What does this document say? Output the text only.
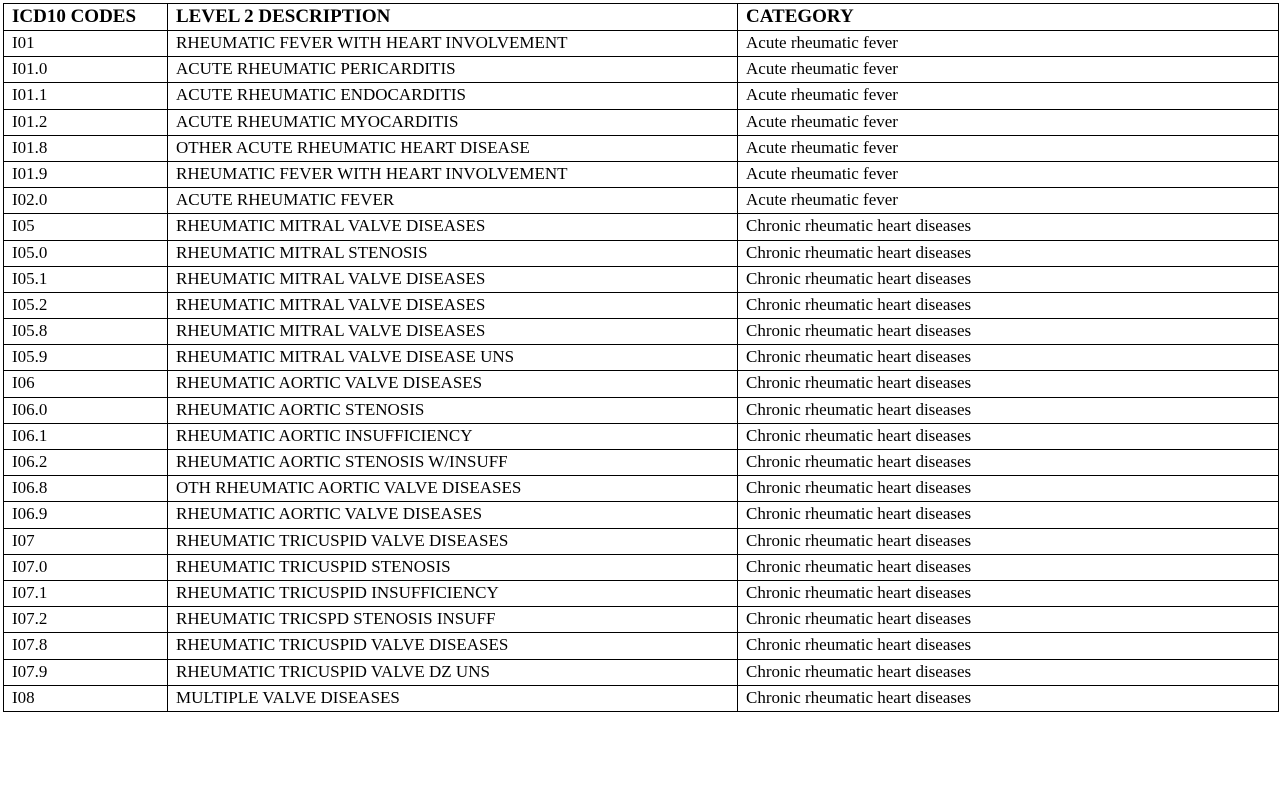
ICD10 CODES	LEVEL 2 DESCRIPTION	CATEGORY
I01	RHEUMATIC FEVER WITH HEART INVOLVEMENT	Acute rheumatic fever
I01.0	ACUTE RHEUMATIC PERICARDITIS	Acute rheumatic fever
I01.1	ACUTE RHEUMATIC ENDOCARDITIS	Acute rheumatic fever
I01.2	ACUTE RHEUMATIC MYOCARDITIS	Acute rheumatic fever
I01.8	OTHER ACUTE RHEUMATIC HEART DISEASE	Acute rheumatic fever
I01.9	RHEUMATIC FEVER WITH HEART INVOLVEMENT	Acute rheumatic fever
I02.0	ACUTE RHEUMATIC FEVER	Acute rheumatic fever
I05	RHEUMATIC MITRAL VALVE DISEASES	Chronic rheumatic heart diseases
I05.0	RHEUMATIC MITRAL STENOSIS	Chronic rheumatic heart diseases
I05.1	RHEUMATIC MITRAL VALVE DISEASES	Chronic rheumatic heart diseases
I05.2	RHEUMATIC MITRAL VALVE DISEASES	Chronic rheumatic heart diseases
I05.8	RHEUMATIC MITRAL VALVE DISEASES	Chronic rheumatic heart diseases
I05.9	RHEUMATIC MITRAL VALVE DISEASE UNS	Chronic rheumatic heart diseases
I06	RHEUMATIC AORTIC VALVE DISEASES	Chronic rheumatic heart diseases
I06.0	RHEUMATIC AORTIC STENOSIS	Chronic rheumatic heart diseases
I06.1	RHEUMATIC AORTIC INSUFFICIENCY	Chronic rheumatic heart diseases
I06.2	RHEUMATIC AORTIC STENOSIS W/INSUFF	Chronic rheumatic heart diseases
I06.8	OTH RHEUMATIC AORTIC VALVE DISEASES	Chronic rheumatic heart diseases
I06.9	RHEUMATIC AORTIC VALVE DISEASES	Chronic rheumatic heart diseases
I07	RHEUMATIC TRICUSPID VALVE DISEASES	Chronic rheumatic heart diseases
I07.0	RHEUMATIC TRICUSPID STENOSIS	Chronic rheumatic heart diseases
I07.1	RHEUMATIC TRICUSPID INSUFFICIENCY	Chronic rheumatic heart diseases
I07.2	RHEUMATIC TRICSPD STENOSIS INSUFF	Chronic rheumatic heart diseases
I07.8	RHEUMATIC TRICUSPID VALVE DISEASES	Chronic rheumatic heart diseases
I07.9	RHEUMATIC TRICUSPID VALVE DZ UNS	Chronic rheumatic heart diseases
I08	MULTIPLE VALVE DISEASES	Chronic rheumatic heart diseases
